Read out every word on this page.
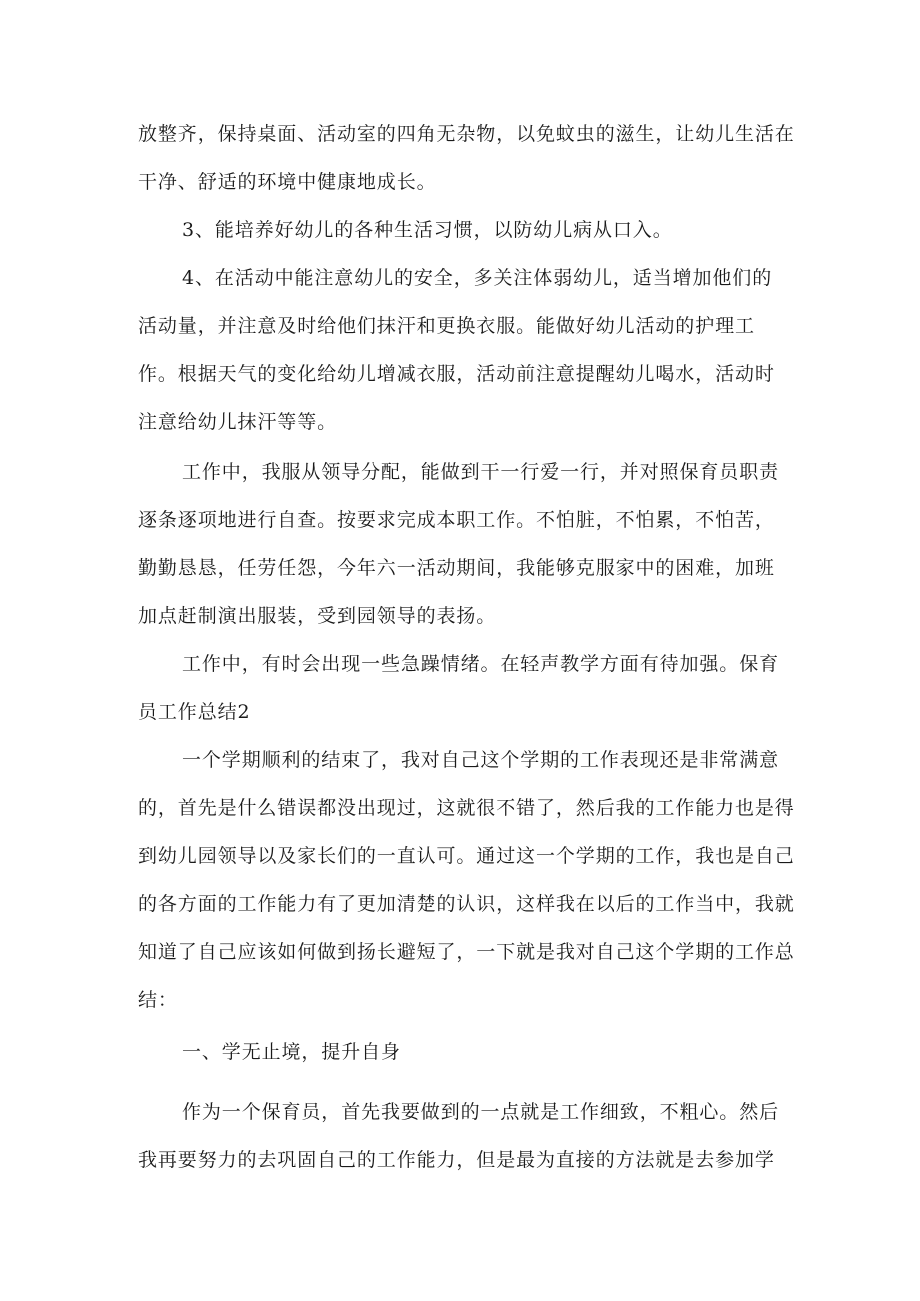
放整齐，保持桌面、活动室的四角无杂物，以免蚊虫的滋生，让幼儿生活在
干净、舒适的环境中健康地成长。
3、能培养好幼儿的各种生活习惯，以防幼儿病从口入。
4、在活动中能注意幼儿的安全，多关注体弱幼儿，适当增加他们的
活动量，并注意及时给他们抹汗和更换衣服。能做好幼儿活动的护理工
作。根据天气的变化给幼儿增减衣服，活动前注意提醒幼儿喝水，活动时
注意给幼儿抹汗等等。
工作中，我服从领导分配，能做到干一行爱一行，并对照保育员职责
逐条逐项地进行自查。按要求完成本职工作。不怕脏，不怕累，不怕苦，
勤勤恳恳，任劳任怨，今年六一活动期间，我能够克服家中的困难，加班
加点赶制演出服装，受到园领导的表扬。
工作中，有时会出现一些急躁情绪。在轻声教学方面有待加强。保育
员工作总结2
一个学期顺利的结束了，我对自己这个学期的工作表现还是非常满意
的，首先是什么错误都没出现过，这就很不错了，然后我的工作能力也是得
到幼儿园领导以及家长们的一直认可。通过这一个学期的工作，我也是自己
的各方面的工作能力有了更加清楚的认识，这样我在以后的工作当中，我就
知道了自己应该如何做到扬长避短了，一下就是我对自己这个学期的工作总
结：
一、学无止境，提升自身
作为一个保育员，首先我要做到的一点就是工作细致，不粗心。然后
我再要努力的去巩固自己的工作能力，但是最为直接的方法就是去参加学
